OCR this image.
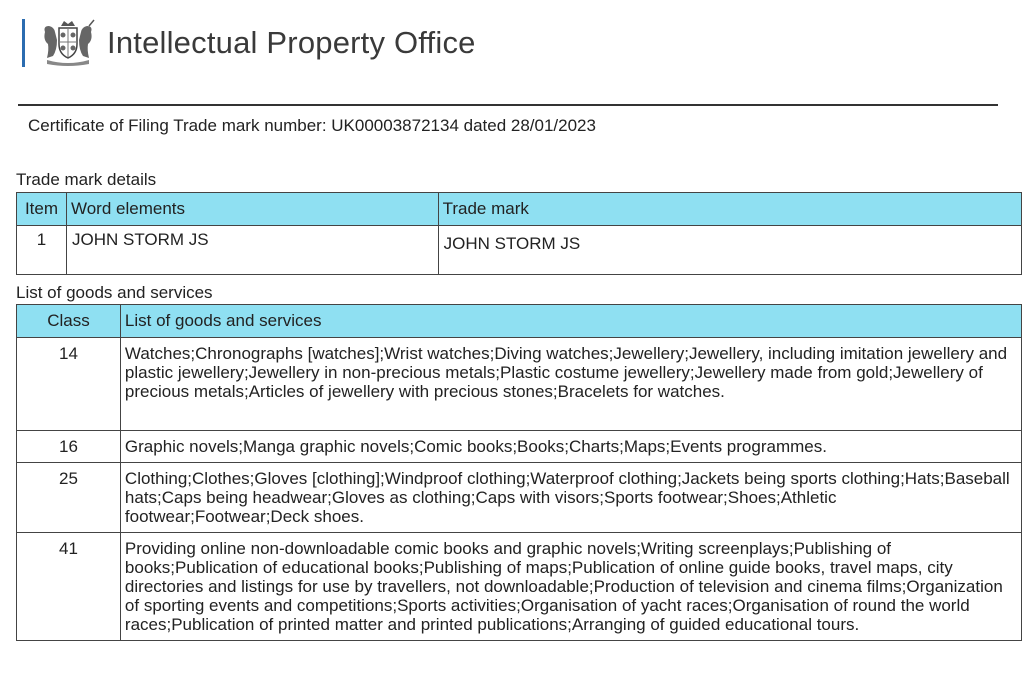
Intellectual Property Office
Certificate of Filing Trade mark number: UK00003872134 dated 28/01/2023
Trade mark details
Item	Word elements	Trade mark
1	JOHN STORM JS	JOHN STORM JS
List of goods and services
Class	List of goods and services
14	Watches;Chronographs [watches];Wrist watches;Diving watches;Jewellery;Jewellery, including imitation jewellery and plastic jewellery;Jewellery in non-precious metals;Plastic costume jewellery;Jewellery made from gold;Jewellery of precious metals;Articles of jewellery with precious stones;Bracelets for watches.
16	Graphic novels;Manga graphic novels;Comic books;Books;Charts;Maps;Events programmes.
25	Clothing;Clothes;Gloves [clothing];Windproof clothing;Waterproof clothing;Jackets being sports clothing;Hats;Baseball hats;Caps being headwear;Gloves as clothing;Caps with visors;Sports footwear;Shoes;Athletic footwear;Footwear;Deck shoes.
41	Providing online non-downloadable comic books and graphic novels;Writing screenplays;Publishing of books;Publication of educational books;Publishing of maps;Publication of online guide books, travel maps, city directories and listings for use by travellers, not downloadable;Production of television and cinema films;Organization of sporting events and competitions;Sports activities;Organisation of yacht races;Organisation of round the world races;Publication of printed matter and printed publications;Arranging of guided educational tours.
